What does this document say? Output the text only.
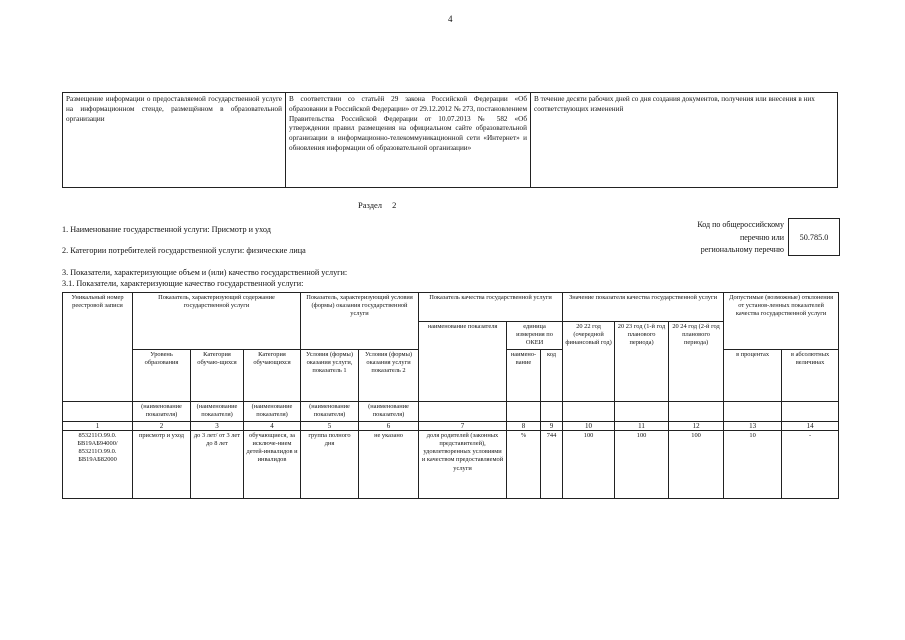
4
Размещение информации о предоставляемой государственной услуге на информационном стенде, размещённом в образовательной организации	В соответствии со статьёй 29 закона Российской Федерации «Об образовании в Российской Федерации» от 29.12.2012 № 273, постановлением Правительства Российской Федерации от 10.07.2013 № 582 «Об утверждении правил размещения на официальном сайте образовательной организации в информационно-телекоммуникационной сети «Интернет» и обновления информации об образовательной организации»	В течение десяти рабочих дней со дня создания документов, получения или внесения в них соответствующих изменений
Раздел 2
1. Наименование государственной услуги: Присмотр и уход
2. Категории потребителей государственной услуги: физические лица
3. Показатели, характеризующие объем и (или) качество государственной услуги:
3.1. Показатели, характеризующие качество государственной услуги:
Код по общероссийскому
перечню или
региональному перечню
50.785.0
Уникальный номер реестровой записи	Показатель, характеризующий содержание государственной услуги			Показатель, характеризующий условия (формы) оказания государственной услуги		Показатель качества государственной услуги			Значение показателя качества государственной услуги			Допустимые (возможные) отклонения от установ-ленных показателей качества государственной услуги	
						наименование показателя	единица измерения по ОКЕИ		20 22 год (очередной финансовый год)	20 23 год (1-й год планового периода)	20 24 год (2-й год планового периода)		
	Уровень образования	Категория обучаю-щихся	Категория обучающихся	Условия (формы) оказания услуги, показатель 1	Условия (формы) оказания услуги показатель 2		наимено-вание	код				в процентах	в абсолютных величинах
	(наименование показателя)	(наименование показателя)	(наименование показателя)	(наименование показателя)	(наименование показателя)								
1	2	3	4	5	6	7	8	9	10	11	12	13	14
853211О.99.0. БВ19АБ94000/ 853211О.99.0. БВ19АБ82000	присмотр и уход	до 3 лет/ от 3 лет до 8 лет	обучающиеся, за исключе-нием детей-инвалидов и инвалидов	группа полного дня	не указано	доля родителей (законных представителей), удовлетворенных условиями и качеством предоставляемой услуги	%	744	100	100	100	10	-
